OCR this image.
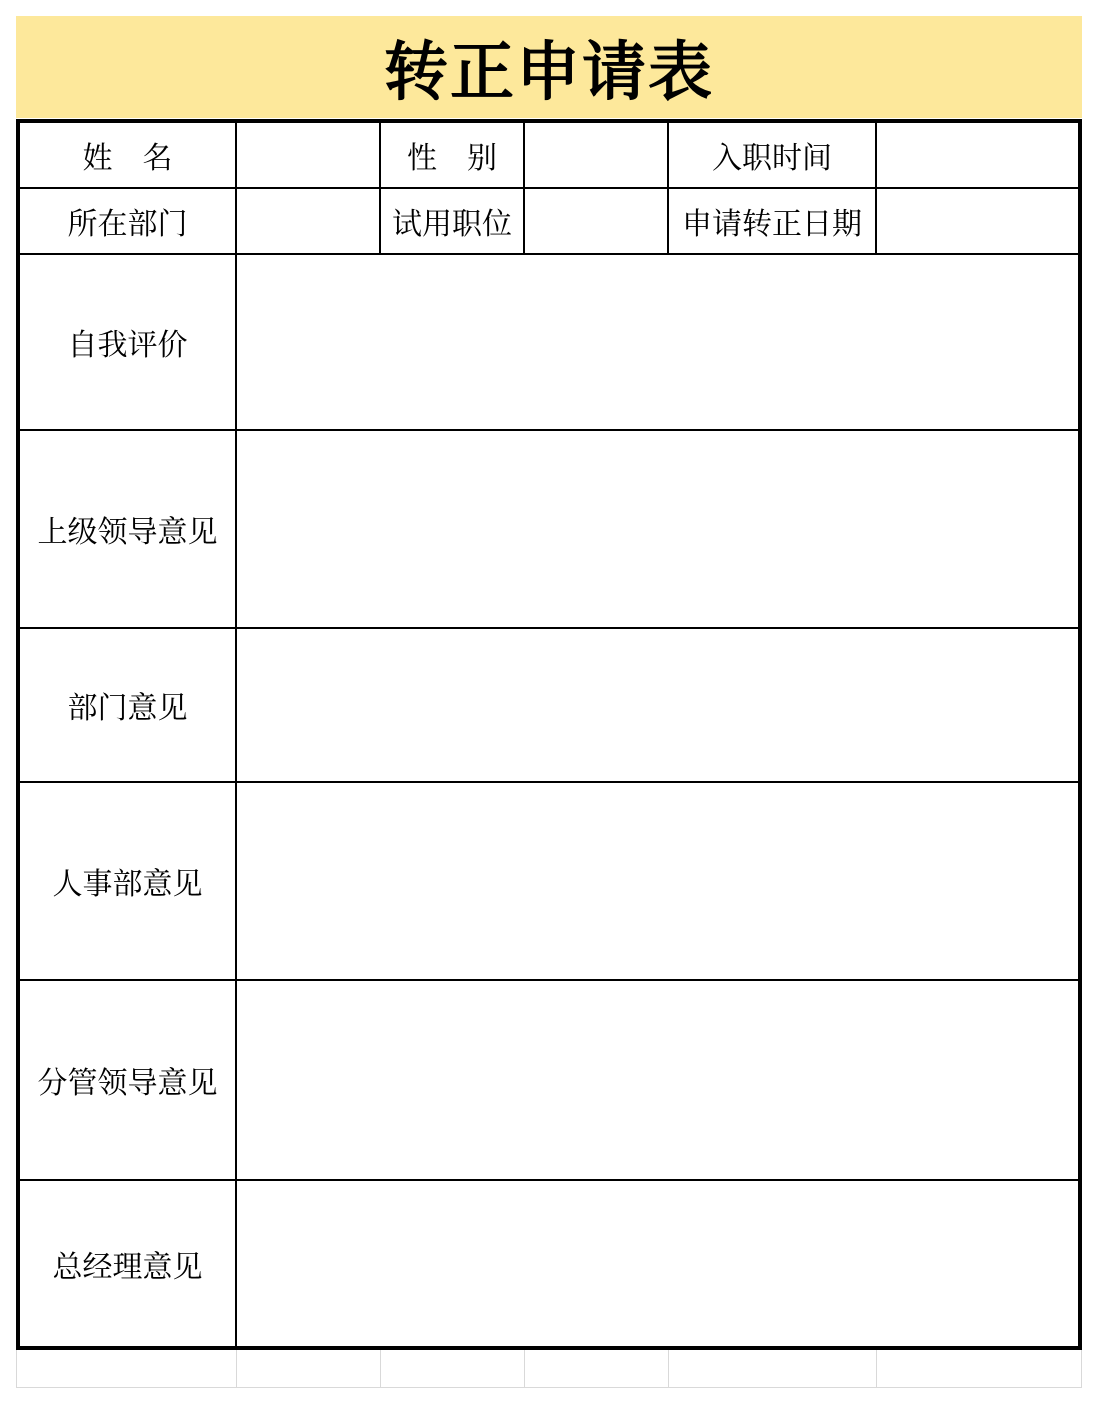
转正申请表
姓　名	性　别	入职时间
所在部门	试用职位	申请转正日期
自我评价
上级领导意见
部门意见
人事部意见
分管领导意见
总经理意见
